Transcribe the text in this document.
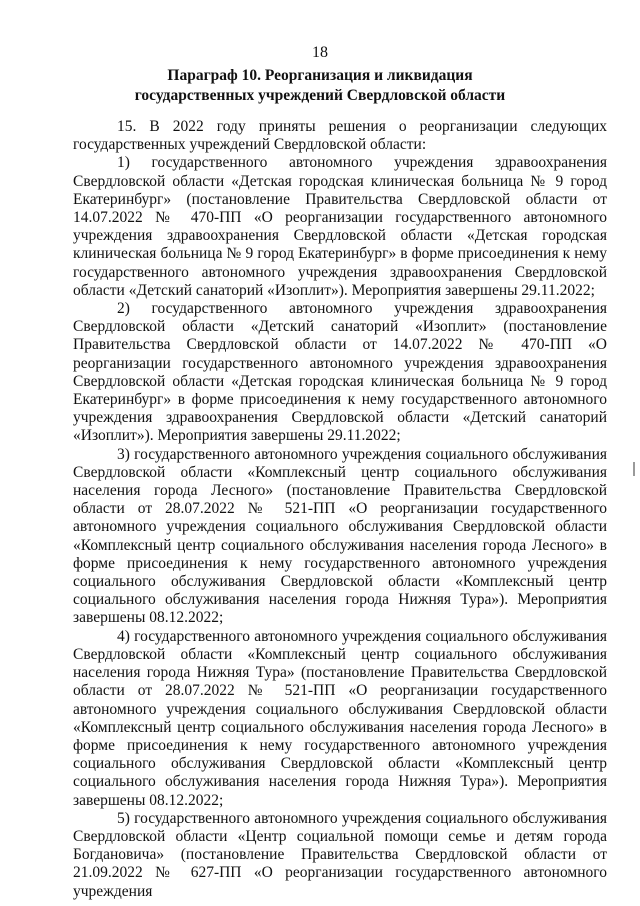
18
Параграф 10. Реорганизация и ликвидация
государственных учреждений Свердловской области

15. В 2022 году приняты решения о реорганизации следующих государственных учреждений Свердловской области:

1) государственного автономного учреждения здравоохранения Свердловской области «Детская городская клиническая больница № 9 город Екатеринбург» (постановление Правительства Свердловской области от 14.07.2022 № 470-ПП «О реорганизации государственного автономного учреждения здравоохранения Свердловской области «Детская городская клиническая больница № 9 город Екатеринбург» в форме присоединения к нему государственного автономного учреждения здравоохранения Свердловской области «Детский санаторий «Изоплит»). Мероприятия завершены 29.11.2022;

2) государственного автономного учреждения здравоохранения Свердловской области «Детский санаторий «Изоплит» (постановление Правительства Свердловской области от 14.07.2022 № 470-ПП «О реорганизации государственного автономного учреждения здравоохранения Свердловской области «Детская городская клиническая больница № 9 город Екатеринбург» в форме присоединения к нему государственного автономного учреждения здравоохранения Свердловской области «Детский санаторий «Изоплит»). Мероприятия завершены 29.11.2022;

3) государственного автономного учреждения социального обслуживания Свердловской области «Комплексный центр социального обслуживания населения города Лесного» (постановление Правительства Свердловской области от 28.07.2022 № 521-ПП «О реорганизации государственного автономного учреждения социального обслуживания Свердловской области «Комплексный центр социального обслуживания населения города Лесного» в форме присоединения к нему государственного автономного учреждения социального обслуживания Свердловской области «Комплексный центр социального обслуживания населения города Нижняя Тура»). Мероприятия завершены 08.12.2022;

4) государственного автономного учреждения социального обслуживания Свердловской области «Комплексный центр социального обслуживания населения города Нижняя Тура» (постановление Правительства Свердловской области от 28.07.2022 № 521-ПП «О реорганизации государственного автономного учреждения социального обслуживания Свердловской области «Комплексный центр социального обслуживания населения города Лесного» в форме присоединения к нему государственного автономного учреждения социального обслуживания Свердловской области «Комплексный центр социального обслуживания населения города Нижняя Тура»). Мероприятия завершены 08.12.2022;

5) государственного автономного учреждения социального обслуживания Свердловской области «Центр социальной помощи семье и детям города Богдановича» (постановление Правительства Свердловской области от 21.09.2022 № 627-ПП «О реорганизации государственного автономного учреждения
